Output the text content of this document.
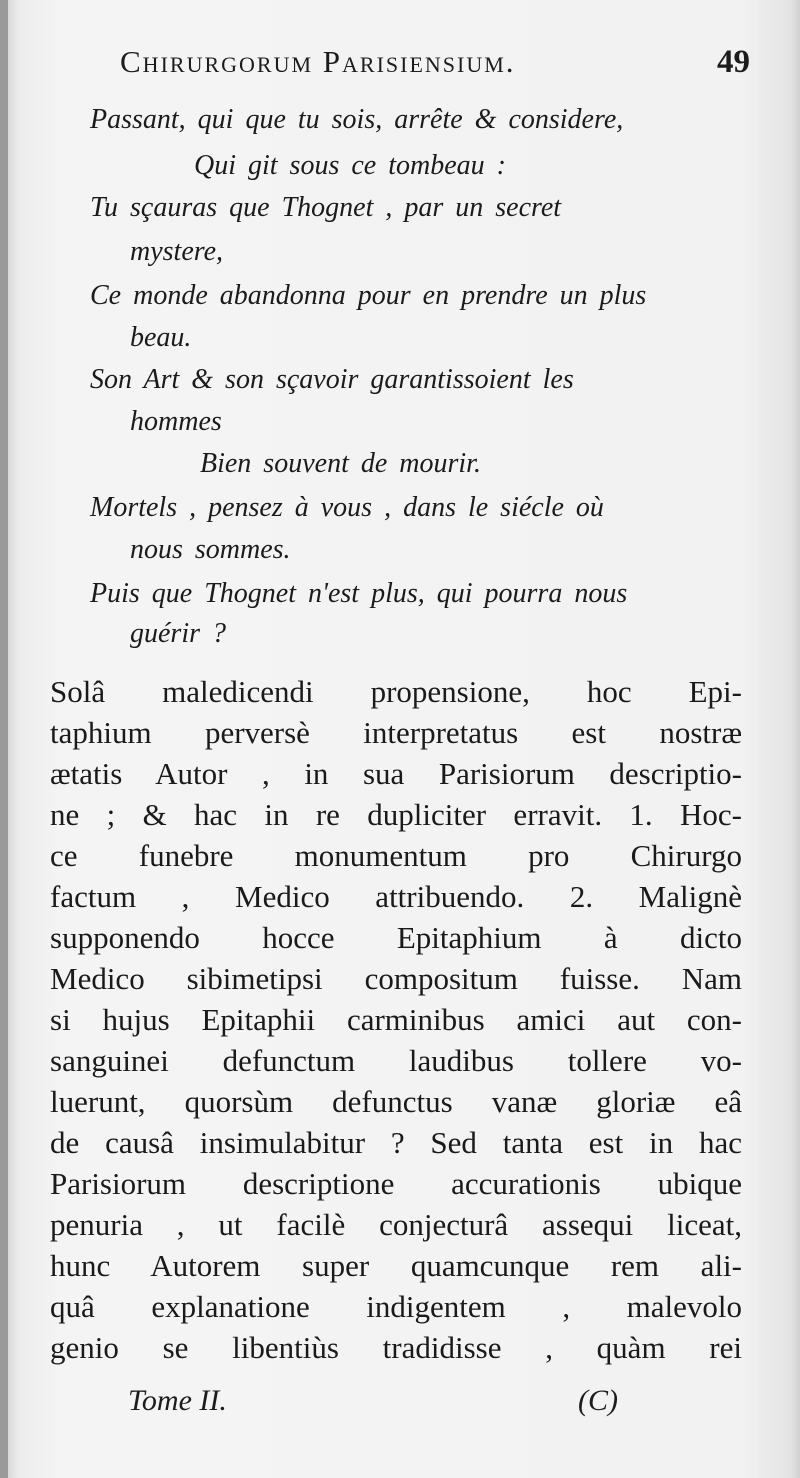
Chirurgorum Parisiensium.	49
Passant, qui que tu sois, arrête & considere,
Qui git sous ce tombeau :
Tu sçauras que Thognet , par un secret
mystere,
Ce monde abandonna pour en prendre un plus
beau.
Son Art & son sçavoir garantissoient les
hommes
Bien souvent de mourir.
Mortels , pensez à vous , dans le siécle où
nous sommes.
Puis que Thognet n'est plus, qui pourra nous
guérir ?
Solâ maledicendi propensione, hoc Epi-
taphium perversè interpretatus est nostræ
ætatis Autor , in sua Parisiorum descriptio-
ne ; & hac in re dupliciter erravit. 1. Hoc-
ce funebre monumentum pro Chirurgo
factum , Medico attribuendo. 2. Malignè
supponendo hocce Epitaphium à dicto
Medico sibimetipsi compositum fuisse. Nam
si hujus Epitaphii carminibus amici aut con-
sanguinei defunctum laudibus tollere vo-
luerunt, quorsùm defunctus vanæ gloriæ eâ
de causâ insimulabitur ? Sed tanta est in hac
Parisiorum descriptione accurationis ubique
penuria , ut facilè conjecturâ assequi liceat,
hunc Autorem super quamcunque rem ali-
quâ explanatione indigentem , malevolo
genio se libentiùs tradidisse , quàm rei
Tome II.	(C)
